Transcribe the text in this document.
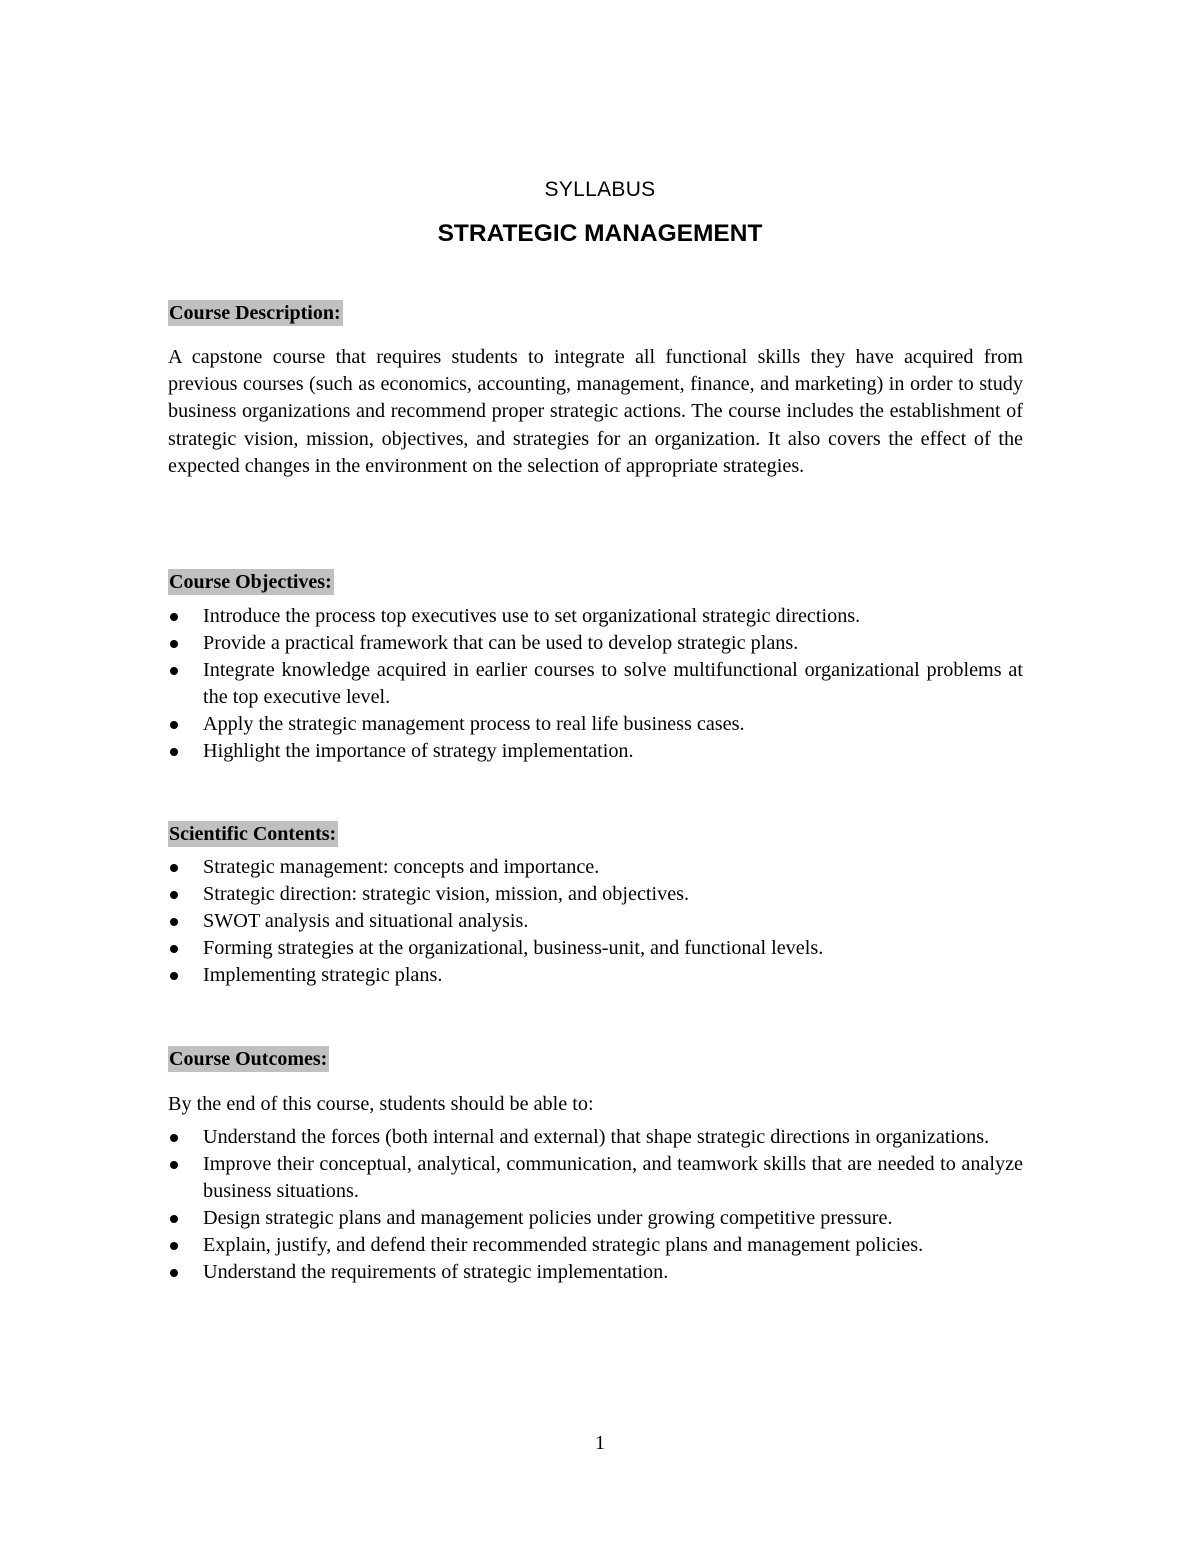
SYLLABUS
STRATEGIC MANAGEMENT
Course Description:
A capstone course that requires students to integrate all functional skills they have acquired from previous courses (such as economics, accounting, management, finance, and marketing) in order to study business organizations and recommend proper strategic actions. The course includes the establishment of strategic vision, mission, objectives, and strategies for an organization. It also covers the effect of the expected changes in the environment on the selection of appropriate strategies.
Course Objectives:
Introduce the process top executives use to set organizational strategic directions.
Provide a practical framework that can be used to develop strategic plans.
Integrate knowledge acquired in earlier courses to solve multifunctional organizational problems at the top executive level.
Apply the strategic management process to real life business cases.
Highlight the importance of strategy implementation.
Scientific Contents:
Strategic management: concepts and importance.
Strategic direction: strategic vision, mission, and objectives.
SWOT analysis and situational analysis.
Forming strategies at the organizational, business-unit, and functional levels.
Implementing strategic plans.
Course Outcomes:
By the end of this course, students should be able to:
Understand the forces (both internal and external) that shape strategic directions in organizations.
Improve their conceptual, analytical, communication, and teamwork skills that are needed to analyze business situations.
Design strategic plans and management policies under growing competitive pressure.
Explain, justify, and defend their recommended strategic plans and management policies.
Understand the requirements of strategic implementation.
1
